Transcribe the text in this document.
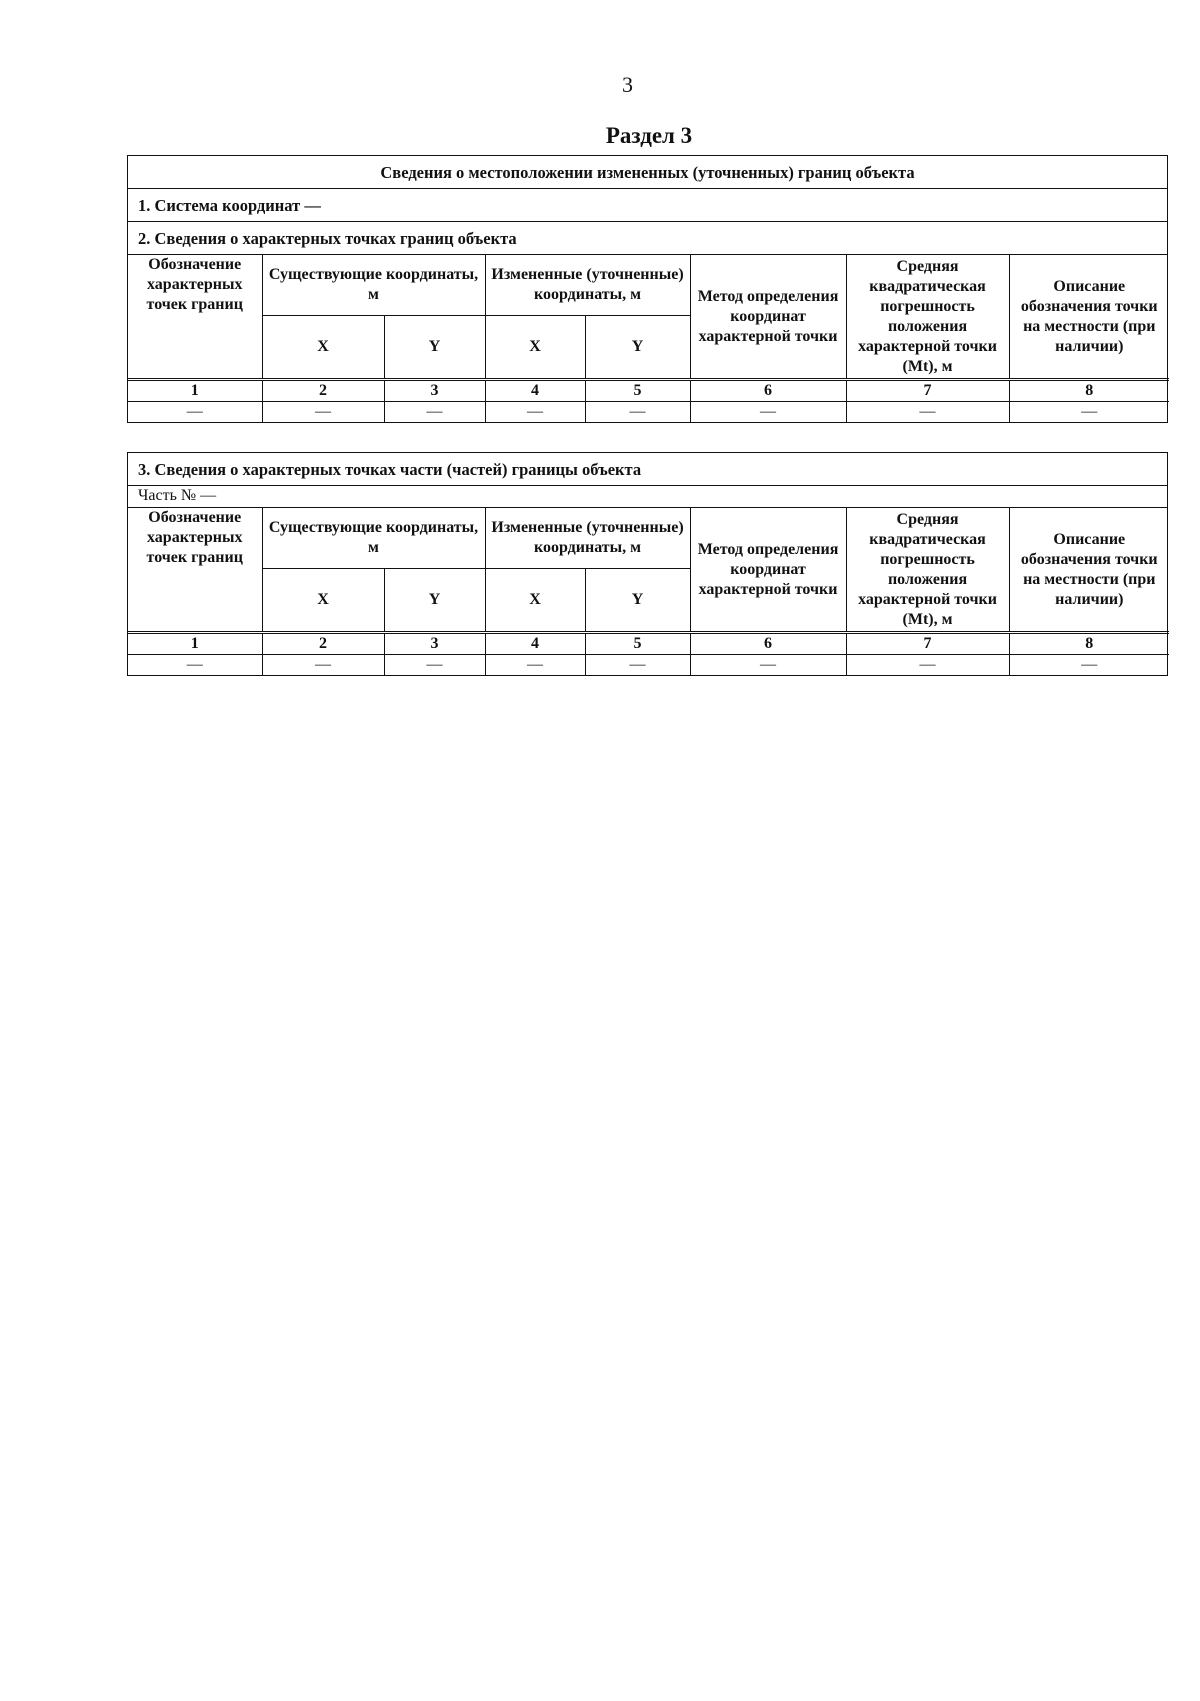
3
Раздел 3
Сведения о местоположении измененных (уточненных) границ объекта
1. Система координат —
2. Сведения о характерных точках границ объекта
Обозначение характерных точек границ	Существующие координаты, м		Измененные (уточненные) координаты, м		Метод определения координат характерной точки	Средняя квадратическая погрешность положения характерной точки (Mt), м	Описание обозначения точки на местности (при наличии)
	X	Y	X	Y			
1	2	3	4	5	6	7	8
—	—	—	—	—	—	—	—
3. Сведения о характерных точках части (частей) границы объекта
Часть № —
Обозначение характерных точек границ	Существующие координаты, м		Измененные (уточненные) координаты, м		Метод определения координат характерной точки	Средняя квадратическая погрешность положения характерной точки (Mt), м	Описание обозначения точки на местности (при наличии)
	X	Y	X	Y			
1	2	3	4	5	6	7	8
—	—	—	—	—	—	—	—
